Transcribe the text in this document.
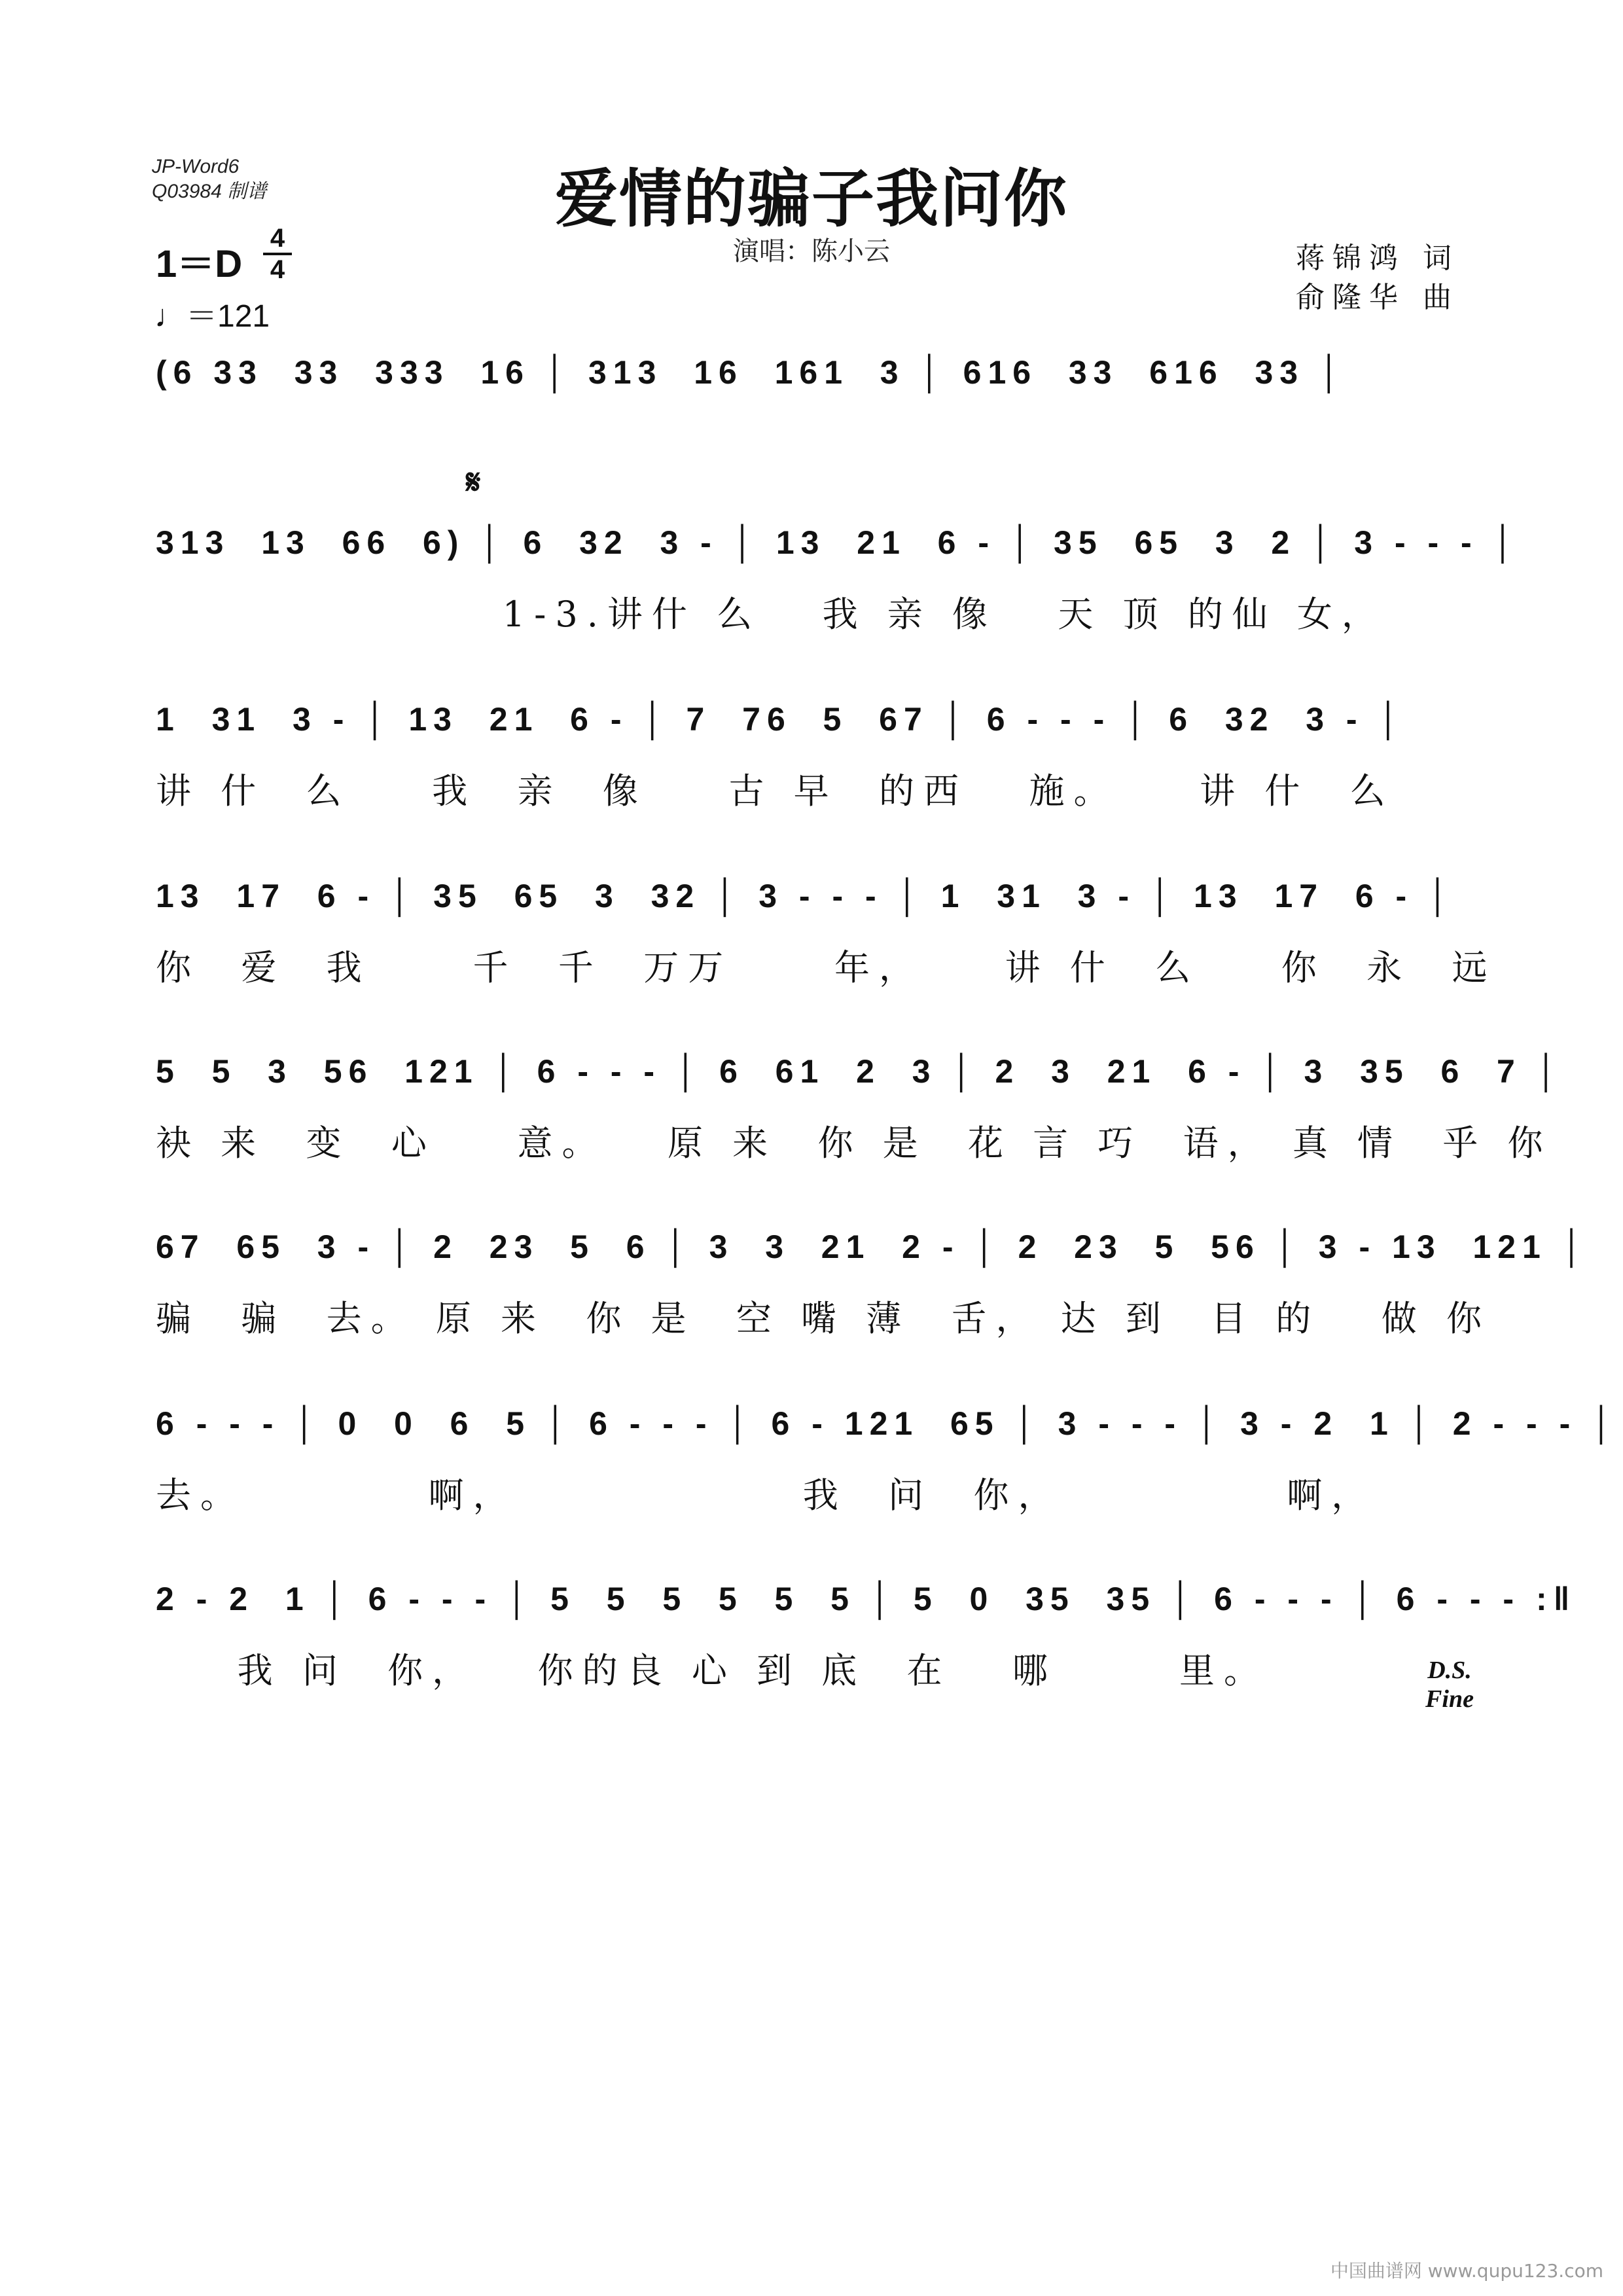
JP-Word6
Q03984 制谱	爱情的骗子我问你
演唱：陈小云	蒋锦鸿 词
俞隆华 曲
1＝D
4
4
♩＝121
(6 33  33  333  16 │ 313  16  161  3 │ 616  33  616  33 │
313  13  66  6) │ 6  32  3 - │ 13  21  6 - │ 35  65  3  2 │ 3 - - - │
1-3.讲什 么   我 亲 像   天 顶 的仙 女，
1  31  3 - │ 13  21  6 - │ 7  76  5  67 │ 6 - - - │ 6  32  3 - │
讲 什  么    我  亲  像    古 早  的西   施。    讲 什  么
13  17  6 - │ 35  65  3  32 │ 3 - - - │ 1  31  3 - │ 13  17  6 - │
你  爱  我     千  千  万万     年，    讲 什  么    你  永  远
5  5  3  56  121 │ 6 - - - │ 6  61  2  3 │ 2  3  21  6 - │ 3  35  6  7 │
袂 来  变  心    意。   原 来  你 是  花 言 巧  语， 真 情  乎 你
67  65  3 - │ 2  23  5  6 │ 3  3  21  2 - │ 2  23  5  56 │ 3 - 13  121 │
骗  骗  去。 原 来  你 是  空 嘴 薄  舌， 达 到  目 的   做 你
6 - - - │ 0  0  6  5 │ 6 - - - │ 6 - 121  65 │ 3 - - - │ 3 - 2  1 │ 2 - - - │
去。         啊，              我  问  你，           啊，
2 - 2  1 │ 6 - - - │ 5  5  5  5  5  5 │ 5  0  35  35 │ 6 - - - │ 6 - - - :‖
我 问  你，   你的良 心 到 底  在   哪      里。
𝄋
D.S.
Fine
中国曲谱网 www.qupu123.com
